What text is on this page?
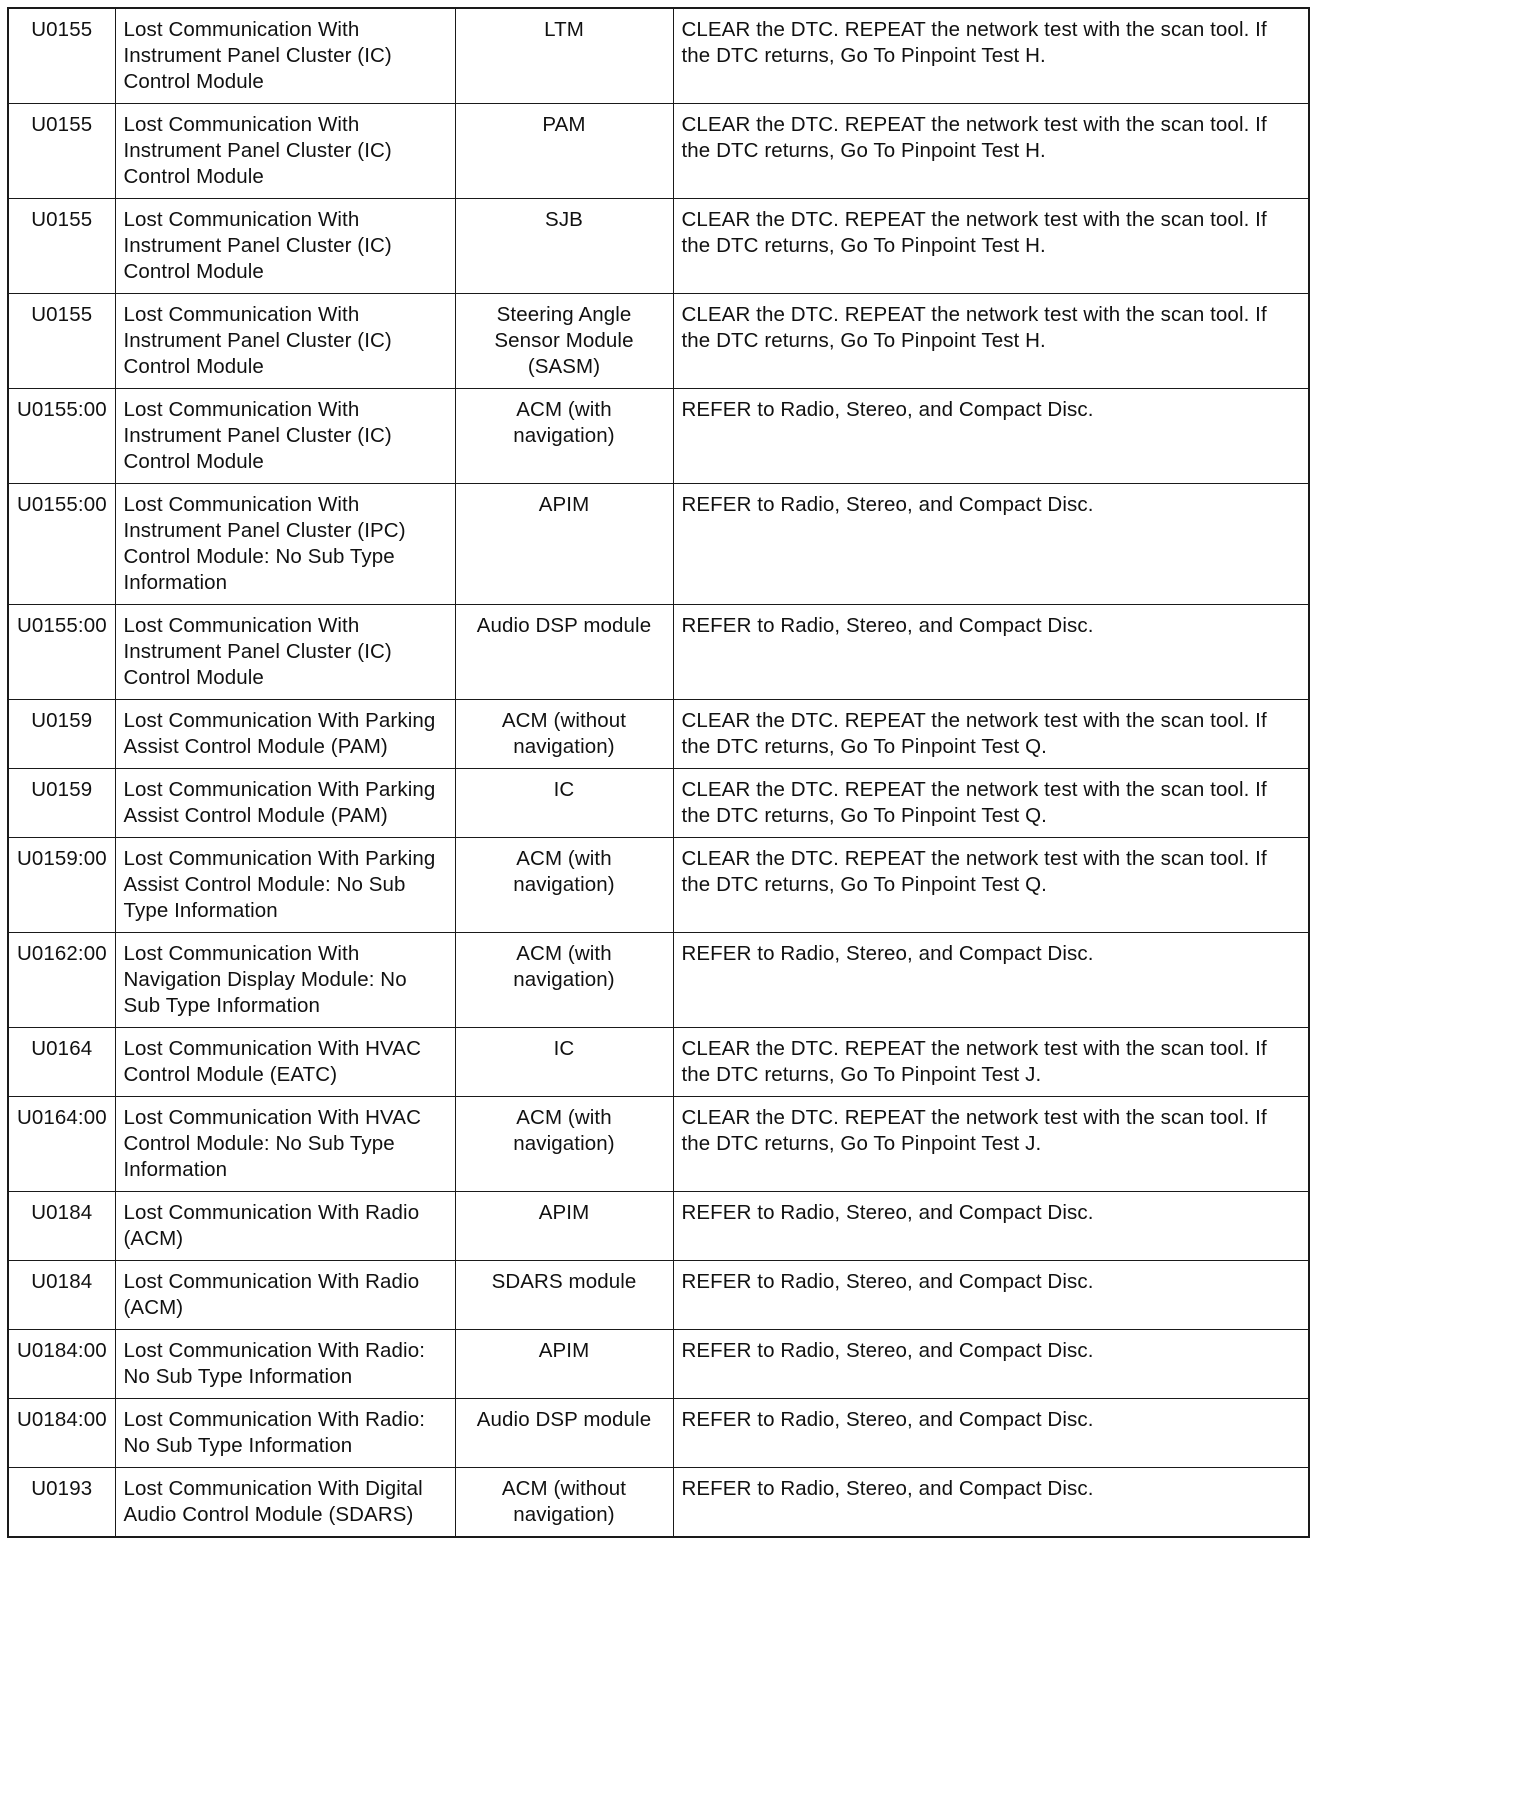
U0155	Lost Communication With Instrument Panel Cluster (IC) Control Module	LTM	CLEAR the DTC. REPEAT the network test with the scan tool. If the DTC returns, Go To Pinpoint Test H.
U0155	Lost Communication With Instrument Panel Cluster (IC) Control Module	PAM	CLEAR the DTC. REPEAT the network test with the scan tool. If the DTC returns, Go To Pinpoint Test H.
U0155	Lost Communication With Instrument Panel Cluster (IC) Control Module	SJB	CLEAR the DTC. REPEAT the network test with the scan tool. If the DTC returns, Go To Pinpoint Test H.
U0155	Lost Communication With Instrument Panel Cluster (IC) Control Module	Steering Angle Sensor Module (SASM)	CLEAR the DTC. REPEAT the network test with the scan tool. If the DTC returns, Go To Pinpoint Test H.
U0155:00	Lost Communication With Instrument Panel Cluster (IC) Control Module	ACM (with navigation)	REFER to Radio, Stereo, and Compact Disc.
U0155:00	Lost Communication With Instrument Panel Cluster (IPC) Control Module: No Sub Type Information	APIM	REFER to Radio, Stereo, and Compact Disc.
U0155:00	Lost Communication With Instrument Panel Cluster (IC) Control Module	Audio DSP module	REFER to Radio, Stereo, and Compact Disc.
U0159	Lost Communication With Parking Assist Control Module (PAM)	ACM (without navigation)	CLEAR the DTC. REPEAT the network test with the scan tool. If the DTC returns, Go To Pinpoint Test Q.
U0159	Lost Communication With Parking Assist Control Module (PAM)	IC	CLEAR the DTC. REPEAT the network test with the scan tool. If the DTC returns, Go To Pinpoint Test Q.
U0159:00	Lost Communication With Parking Assist Control Module: No Sub Type Information	ACM (with navigation)	CLEAR the DTC. REPEAT the network test with the scan tool. If the DTC returns, Go To Pinpoint Test Q.
U0162:00	Lost Communication With Navigation Display Module: No Sub Type Information	ACM (with navigation)	REFER to Radio, Stereo, and Compact Disc.
U0164	Lost Communication With HVAC Control Module (EATC)	IC	CLEAR the DTC. REPEAT the network test with the scan tool. If the DTC returns, Go To Pinpoint Test J.
U0164:00	Lost Communication With HVAC Control Module: No Sub Type Information	ACM (with navigation)	CLEAR the DTC. REPEAT the network test with the scan tool. If the DTC returns, Go To Pinpoint Test J.
U0184	Lost Communication With Radio (ACM)	APIM	REFER to Radio, Stereo, and Compact Disc.
U0184	Lost Communication With Radio (ACM)	SDARS module	REFER to Radio, Stereo, and Compact Disc.
U0184:00	Lost Communication With Radio: No Sub Type Information	APIM	REFER to Radio, Stereo, and Compact Disc.
U0184:00	Lost Communication With Radio: No Sub Type Information	Audio DSP module	REFER to Radio, Stereo, and Compact Disc.
U0193	Lost Communication With Digital Audio Control Module (SDARS)	ACM (without navigation)	REFER to Radio, Stereo, and Compact Disc.
